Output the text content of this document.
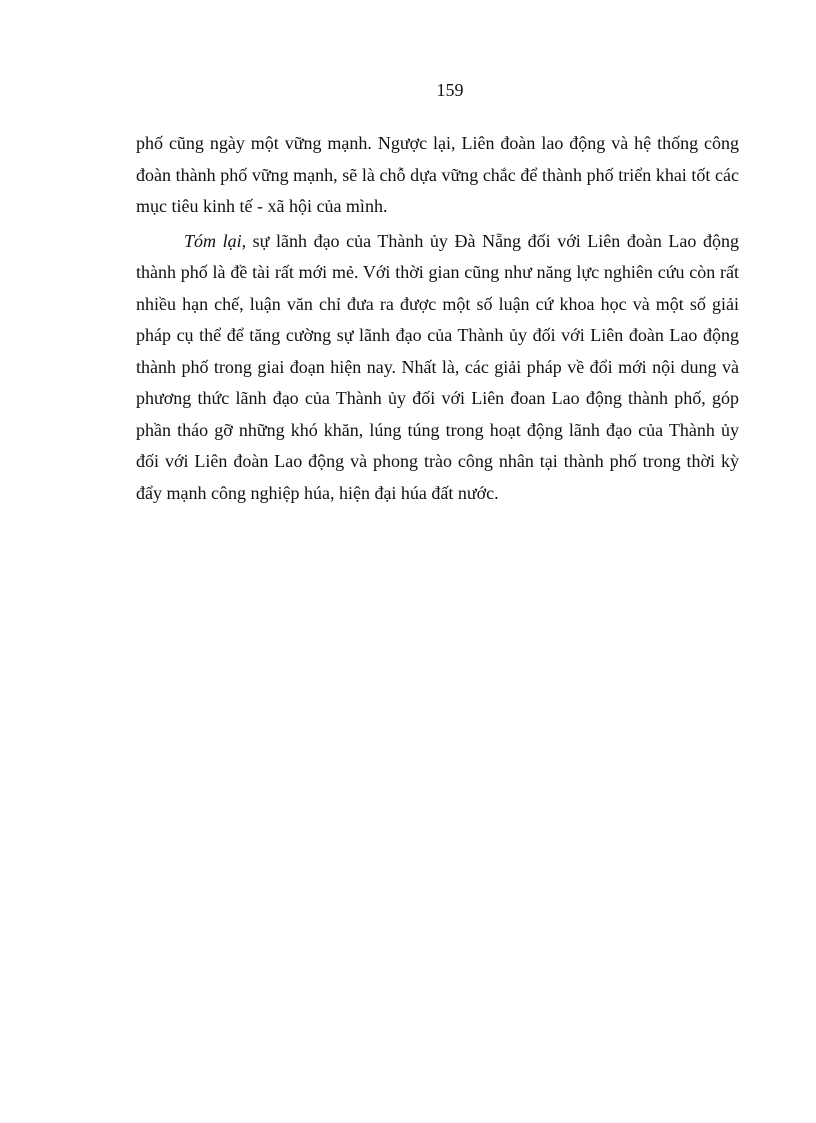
159

phố cũng ngày một vững mạnh. Ngược lại, Liên đoàn lao động và hệ thống công đoàn thành phố vững mạnh, sẽ là chỗ dựa vững chắc để thành phố triển khai tốt các mục tiêu kinh tế - xã hội của mình.

Tóm lại, sự lãnh đạo của Thành ủy Đà Nẵng đối với Liên đoàn Lao động thành phố là đề tài rất mới mẻ. Với thời gian cũng như năng lực nghiên cứu còn rất nhiều hạn chế, luận văn chỉ đưa ra được một số luận cứ khoa học và một số giải pháp cụ thể để tăng cường sự lãnh đạo của Thành ủy đối với Liên đoàn Lao động thành phố trong giai đoạn hiện nay. Nhất là, các giải pháp về đổi mới nội dung và phương thức lãnh đạo của Thành ủy đối với Liên đoan Lao động thành phố, góp phần tháo gỡ những khó khăn, lúng túng trong hoạt động lãnh đạo của Thành ủy đối với Liên đoàn Lao động và phong trào công nhân tại thành phố trong thời kỳ đẩy mạnh công nghiệp húa, hiện đại húa đất nước.
